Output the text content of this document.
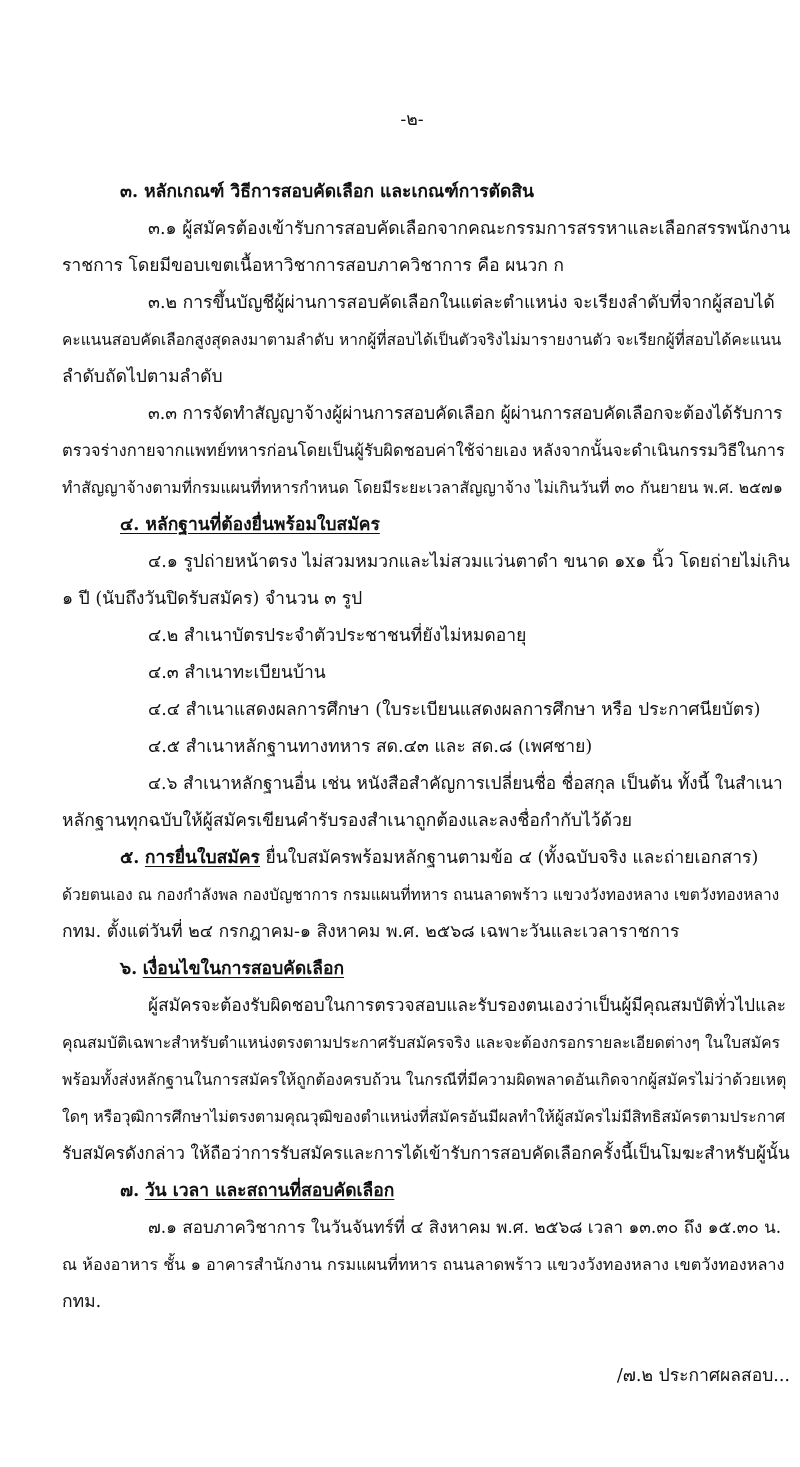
-๒-
๓. หลักเกณฑ์ วิธีการสอบคัดเลือก และเกณฑ์การตัดสิน
๓.๑ ผู้สมัครต้องเข้ารับการสอบคัดเลือกจากคณะกรรมการสรรหาและเลือกสรรพนักงาน
ราชการ โดยมีขอบเขตเนื้อหาวิชาการสอบภาควิชาการ คือ ผนวก ก
๓.๒ การขึ้นบัญชีผู้ผ่านการสอบคัดเลือกในแต่ละตำแหน่ง จะเรียงลำดับที่จากผู้สอบได้
คะแนนสอบคัดเลือกสูงสุดลงมาตามลำดับ หากผู้ที่สอบได้เป็นตัวจริงไม่มารายงานตัว จะเรียกผู้ที่สอบได้คะแนน
ลำดับถัดไปตามลำดับ
๓.๓ การจัดทำสัญญาจ้างผู้ผ่านการสอบคัดเลือก ผู้ผ่านการสอบคัดเลือกจะต้องได้รับการ
ตรวจร่างกายจากแพทย์ทหารก่อนโดยเป็นผู้รับผิดชอบค่าใช้จ่ายเอง หลังจากนั้นจะดำเนินกรรมวิธีในการ
ทำสัญญาจ้างตามที่กรมแผนที่ทหารกำหนด โดยมีระยะเวลาสัญญาจ้าง ไม่เกินวันที่ ๓๐ กันยายน พ.ศ. ๒๕๗๑
๔. หลักฐานที่ต้องยื่นพร้อมใบสมัคร
๔.๑ รูปถ่ายหน้าตรง ไม่สวมหมวกและไม่สวมแว่นตาดำ ขนาด ๑x๑ นิ้ว โดยถ่ายไม่เกิน
๑ ปี (นับถึงวันปิดรับสมัคร) จำนวน ๓ รูป
๔.๒ สำเนาบัตรประจำตัวประชาชนที่ยังไม่หมดอายุ
๔.๓ สำเนาทะเบียนบ้าน
๔.๔ สำเนาแสดงผลการศึกษา (ใบระเบียนแสดงผลการศึกษา หรือ ประกาศนียบัตร)
๔.๕ สำเนาหลักฐานทางทหาร สด.๔๓ และ สด.๘ (เพศชาย)
๔.๖ สำเนาหลักฐานอื่น เช่น หนังสือสำคัญการเปลี่ยนชื่อ ชื่อสกุล เป็นต้น ทั้งนี้ ในสำเนา
หลักฐานทุกฉบับให้ผู้สมัครเขียนคำรับรองสำเนาถูกต้องและลงชื่อกำกับไว้ด้วย
๕. การยื่นใบสมัคร ยื่นใบสมัครพร้อมหลักฐานตามข้อ ๔ (ทั้งฉบับจริง และถ่ายเอกสาร)
ด้วยตนเอง ณ กองกำลังพล กองบัญชาการ กรมแผนที่ทหาร ถนนลาดพร้าว แขวงวังทองหลาง เขตวังทองหลาง
กทม. ตั้งแต่วันที่ ๒๔ กรกฎาคม-๑ สิงหาคม พ.ศ. ๒๕๖๘ เฉพาะวันและเวลาราชการ
๖. เงื่อนไขในการสอบคัดเลือก
ผู้สมัครจะต้องรับผิดชอบในการตรวจสอบและรับรองตนเองว่าเป็นผู้มีคุณสมบัติทั่วไปและ
คุณสมบัติเฉพาะสำหรับตำแหน่งตรงตามประกาศรับสมัครจริง และจะต้องกรอกรายละเอียดต่างๆ ในใบสมัคร
พร้อมทั้งส่งหลักฐานในการสมัครให้ถูกต้องครบถ้วน ในกรณีที่มีความผิดพลาดอันเกิดจากผู้สมัครไม่ว่าด้วยเหตุ
ใดๆ หรือวุฒิการศึกษาไม่ตรงตามคุณวุฒิของตำแหน่งที่สมัครอันมีผลทำให้ผู้สมัครไม่มีสิทธิสมัครตามประกาศ
รับสมัครดังกล่าว ให้ถือว่าการรับสมัครและการได้เข้ารับการสอบคัดเลือกครั้งนี้เป็นโมฆะสำหรับผู้นั้น
๗. วัน เวลา และสถานที่สอบคัดเลือก
๗.๑ สอบภาควิชาการ ในวันจันทร์ที่ ๔ สิงหาคม พ.ศ. ๒๕๖๘ เวลา ๑๓.๓๐ ถึง ๑๕.๓๐ น.
ณ ห้องอาหาร ชั้น ๑ อาคารสำนักงาน กรมแผนที่ทหาร ถนนลาดพร้าว แขวงวังทองหลาง เขตวังทองหลาง
กทม.
/๗.๒ ประกาศผลสอบ...
